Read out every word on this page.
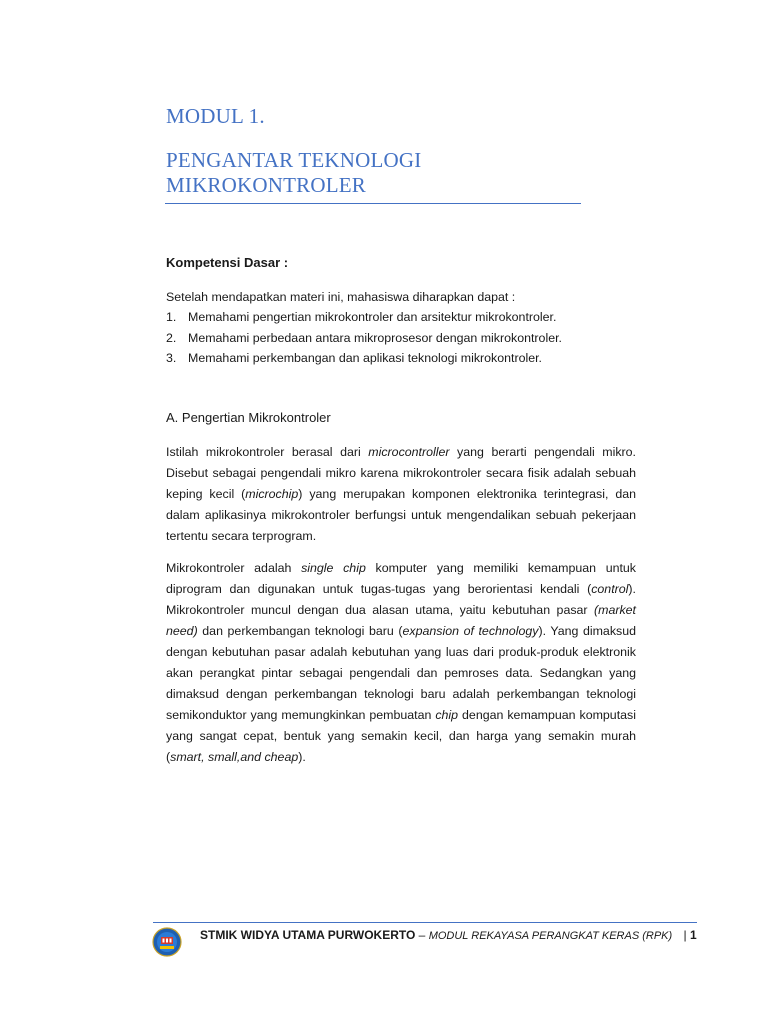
MODUL 1.
PENGANTAR TEKNOLOGI
MIKROKONTROLER
Kompetensi Dasar :
Setelah mendapatkan materi ini, mahasiswa diharapkan dapat :
1. Memahami pengertian mikrokontroler dan arsitektur mikrokontroler.
2. Memahami perbedaan antara mikroprosesor dengan mikrokontroler.
3. Memahami perkembangan dan aplikasi teknologi mikrokontroler.
A. Pengertian Mikrokontroler

Istilah mikrokontroler berasal dari microcontroller yang berarti pengendali mikro. Disebut sebagai pengendali mikro karena mikrokontroler secara fisik adalah sebuah keping kecil (microchip) yang merupakan komponen elektronika terintegrasi, dan dalam aplikasinya mikrokontroler berfungsi untuk mengendalikan sebuah pekerjaan tertentu secara terprogram.

Mikrokontroler adalah single chip komputer yang memiliki kemampuan untuk diprogram dan digunakan untuk tugas-tugas yang berorientasi kendali (control). Mikrokontroler muncul dengan dua alasan utama, yaitu kebutuhan pasar (market need) dan perkembangan teknologi baru (expansion of technology). Yang dimaksud dengan kebutuhan pasar adalah kebutuhan yang luas dari produk-produk elektronik akan perangkat pintar sebagai pengendali dan pemroses data. Sedangkan yang dimaksud dengan perkembangan teknologi baru adalah perkembangan teknologi semikonduktor yang memungkinkan pembuatan chip dengan kemampuan komputasi yang sangat cepat, bentuk yang semakin kecil, dan harga yang semakin murah (smart, small,and cheap).

STMIK WIDYA UTAMA PURWOKERTO – MODUL REKAYASA PERANGKAT KERAS (RPK) | 1
